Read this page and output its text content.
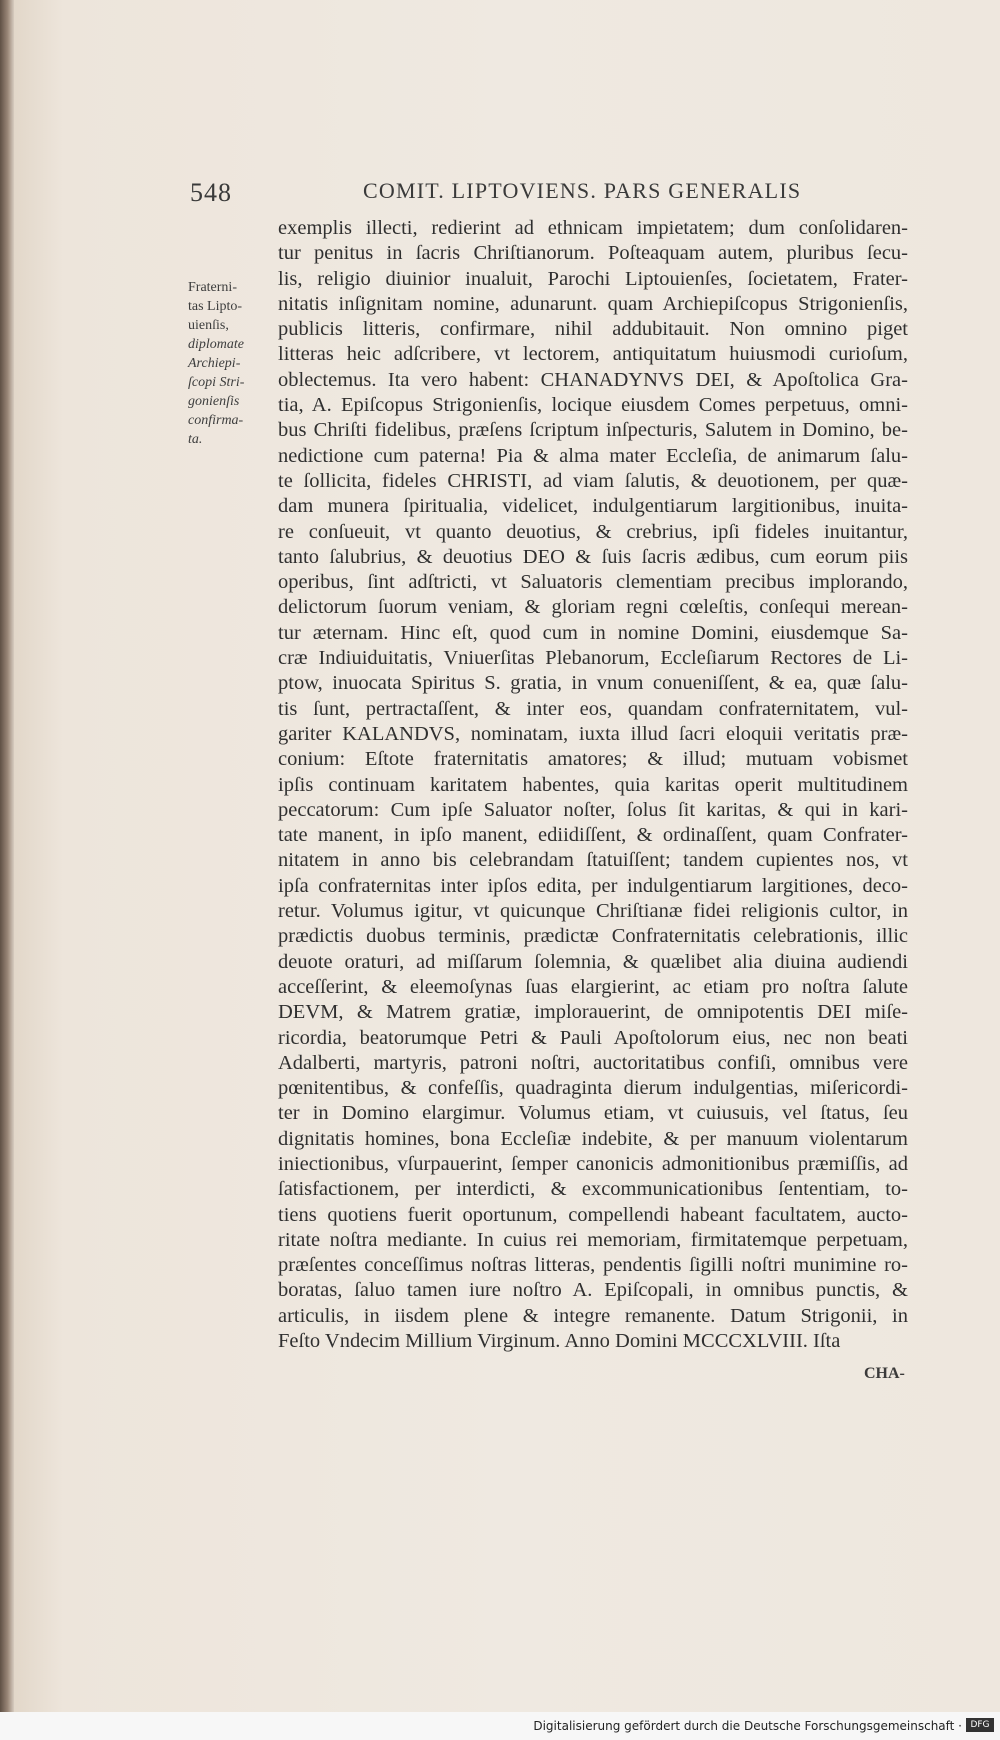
548	COMIT. LIPTOVIENS. PARS GENERALIS
Fraterni-
tas Lipto-
uienſis,
diplomate
Archiepi-
ſcopi Stri-
gonienſis
confirma-
ta.
exemplis illecti, redierint ad ethnicam impietatem; dum conſolidaren-
tur penitus in ſacris Chriſtianorum. Poſteaquam autem, pluribus ſecu-
lis, religio diuinior inualuit, Parochi Liptouienſes, ſocietatem, Frater-
nitatis inſignitam nomine, adunarunt. quam Archiepiſcopus Strigonienſis,
publicis litteris, confirmare, nihil addubitauit. Non omnino piget
litteras heic adſcribere, vt lectorem, antiquitatum huiusmodi curioſum,
oblectemus. Ita vero habent: CHANADYNVS DEI, & Apoſtolica Gra-
tia, A. Epiſcopus Strigonienſis, locique eiusdem Comes perpetuus, omni-
bus Chriſti fidelibus, præſens ſcriptum inſpecturis, Salutem in Domino, be-
nedictione cum paterna! Pia & alma mater Eccleſia, de animarum ſalu-
te ſollicita, fideles CHRISTI, ad viam ſalutis, & deuotionem, per quæ-
dam munera ſpiritualia, videlicet, indulgentiarum largitionibus, inuita-
re conſueuit, vt quanto deuotius, & crebrius, ipſi fideles inuitantur,
tanto ſalubrius, & deuotius DEO & ſuis ſacris ædibus, cum eorum piis
operibus, ſint adſtricti, vt Saluatoris clementiam precibus implorando,
delictorum ſuorum veniam, & gloriam regni cœleſtis, conſequi merean-
tur æternam. Hinc eſt, quod cum in nomine Domini, eiusdemque Sa-
cræ Indiuiduitatis, Vniuerſitas Plebanorum, Eccleſiarum Rectores de Li-
ptow, inuocata Spiritus S. gratia, in vnum conueniſſent, & ea, quæ ſalu-
tis ſunt, pertractaſſent, & inter eos, quandam confraternitatem, vul-
gariter KALANDVS, nominatam, iuxta illud ſacri eloquii veritatis præ-
conium: Eſtote fraternitatis amatores; & illud; mutuam vobismet
ipſis continuam karitatem habentes, quia karitas operit multitudinem
peccatorum: Cum ipſe Saluator noſter, ſolus ſit karitas, & qui in kari-
tate manent, in ipſo manent, ediidiſſent, & ordinaſſent, quam Confrater-
nitatem in anno bis celebrandam ſtatuiſſent; tandem cupientes nos, vt
ipſa confraternitas inter ipſos edita, per indulgentiarum largitiones, deco-
retur. Volumus igitur, vt quicunque Chriſtianæ fidei religionis cultor, in
prædictis duobus terminis, prædictæ Confraternitatis celebrationis, illic
deuote oraturi, ad miſſarum ſolemnia, & quælibet alia diuina audiendi
acceſſerint, & eleemoſynas ſuas elargierint, ac etiam pro noſtra ſalute
DEVM, & Matrem gratiæ, implorauerint, de omnipotentis DEI miſe-
ricordia, beatorumque Petri & Pauli Apoſtolorum eius, nec non beati
Adalberti, martyris, patroni noſtri, auctoritatibus confiſi, omnibus vere
pœnitentibus, & confeſſis, quadraginta dierum indulgentias, miſericordi-
ter in Domino elargimur. Volumus etiam, vt cuiusuis, vel ſtatus, ſeu
dignitatis homines, bona Eccleſiæ indebite, & per manuum violentarum
iniectionibus, vſurpauerint, ſemper canonicis admonitionibus præmiſſis, ad
ſatisfactionem, per interdicti, & excommunicationibus ſententiam, to-
tiens quotiens fuerit oportunum, compellendi habeant facultatem, aucto-
ritate noſtra mediante. In cuius rei memoriam, firmitatemque perpetuam,
præſentes conceſſimus noſtras litteras, pendentis ſigilli noſtri munimine ro-
boratas, ſaluo tamen iure noſtro A. Epiſcopali, in omnibus punctis, &
articulis, in iisdem plene & integre remanente. Datum Strigonii, in
Feſto Vndecim Millium Virginum. Anno Domini MCCCXLVIII. Iſta
CHA-
Digitalisierung gefördert durch die Deutsche Forschungsgemeinschaft · DFG
